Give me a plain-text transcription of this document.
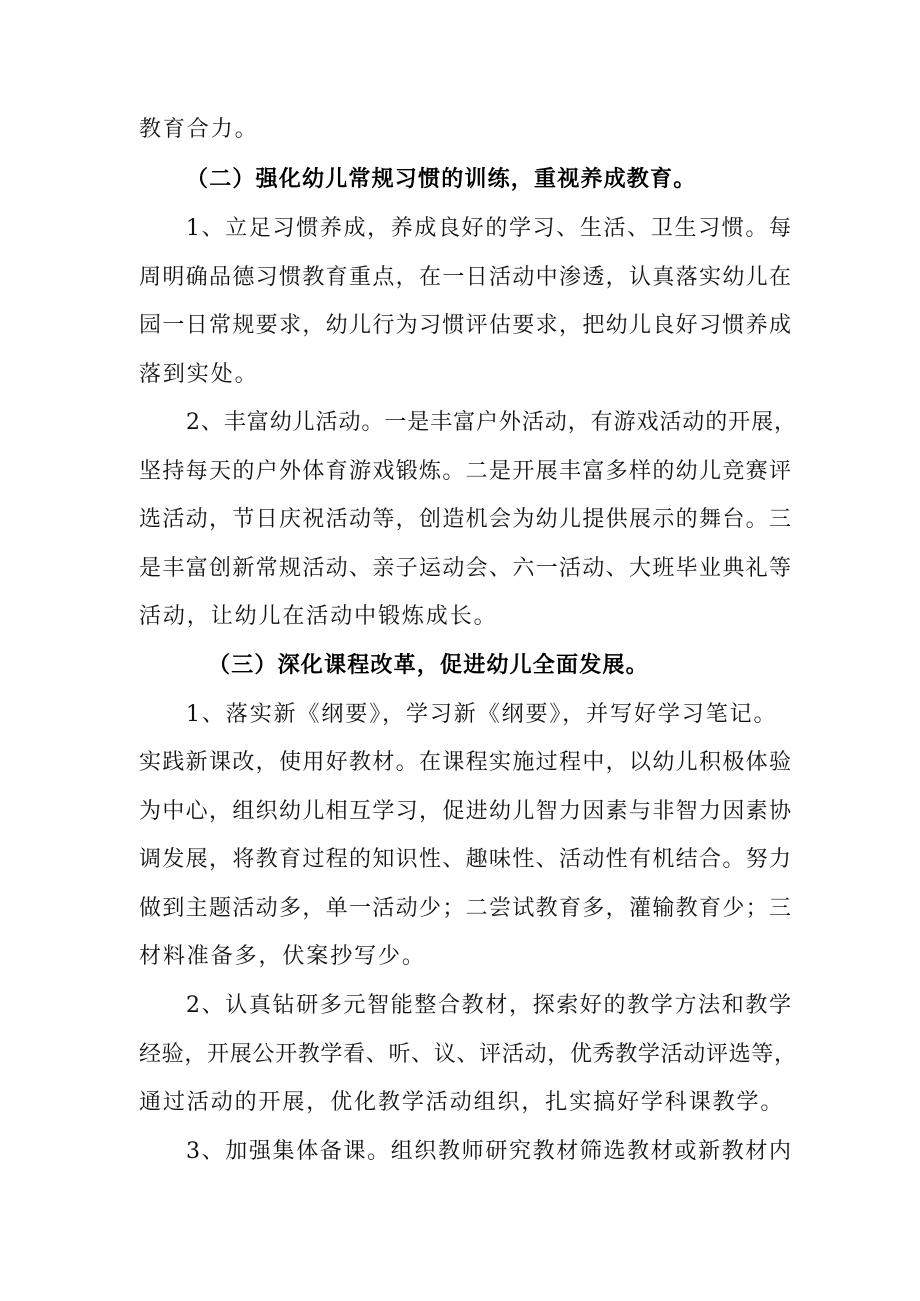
教育合力。
（二）强化幼儿常规习惯的训练，重视养成教育。
1、立足习惯养成，养成良好的学习、生活、卫生习惯。每
周明确品德习惯教育重点，在一日活动中渗透，认真落实幼儿在
园一日常规要求，幼儿行为习惯评估要求，把幼儿良好习惯养成
落到实处。
2、丰富幼儿活动。一是丰富户外活动，有游戏活动的开展，
坚持每天的户外体育游戏锻炼。二是开展丰富多样的幼儿竞赛评
选活动，节日庆祝活动等，创造机会为幼儿提供展示的舞台。三
是丰富创新常规活动、亲子运动会、六一活动、大班毕业典礼等
活动，让幼儿在活动中锻炼成长。
（三）深化课程改革，促进幼儿全面发展。
1、落实新《纲要》，学习新《纲要》，并写好学习笔记。
实践新课改，使用好教材。在课程实施过程中，以幼儿积极体验
为中心，组织幼儿相互学习，促进幼儿智力因素与非智力因素协
调发展，将教育过程的知识性、趣味性、活动性有机结合。努力
做到主题活动多，单一活动少；二尝试教育多，灌输教育少；三
材料准备多，伏案抄写少。
2、认真钻研多元智能整合教材，探索好的教学方法和教学
经验，开展公开教学看、听、议、评活动，优秀教学活动评选等，
通过活动的开展，优化教学活动组织，扎实搞好学科课教学。
3、加强集体备课。组织教师研究教材筛选教材或新教材内
